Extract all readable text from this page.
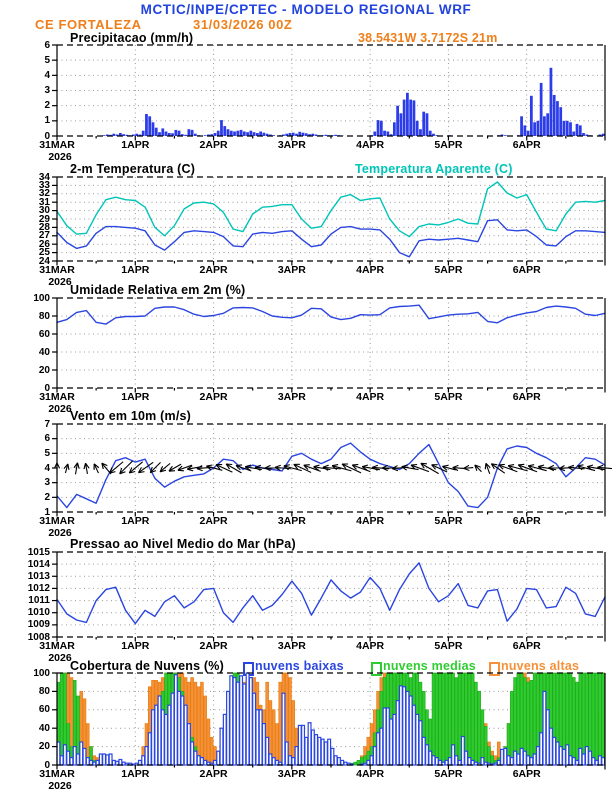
MCTIC/INPE/CPTEC - MODELO REGIONAL WRF
CE FORTALEZA	31/03/2026 00Z
Precipitacao (mm/h)	38.5431W 3.7172S 21m
2-m Temperatura (C)	Temperatura Aparente (C)
Umidade Relativa em 2m (%)
Vento em 10m (m/s)
Pressao ao Nivel Medio do Mar (hPa)
Cobertura de Nuvens (%) nuvens baixas	nuvens medias nuvens altas
0
1
2
3
4
5
6
31MAR	1APR	2APR	3APR	4APR	5APR	6APR
2026
24
25
26
27
28
29
30
31
32
33
34
31MAR	1APR	2APR	3APR	4APR	5APR	6APR
2026
0
20
40
60
80
100
31MAR	1APR	2APR	3APR	4APR	5APR	6APR
2026
1
2
3
4
5
6
7
31MAR	1APR	2APR	3APR	4APR	5APR	6APR
2026
1008
1009
1010
1011
1012
1013
1014
1015
31MAR	1APR	2APR	3APR	4APR	5APR	6APR
2026
0
20
40
60
80
100
31MAR	1APR	2APR	3APR	4APR	5APR	6APR
2026
